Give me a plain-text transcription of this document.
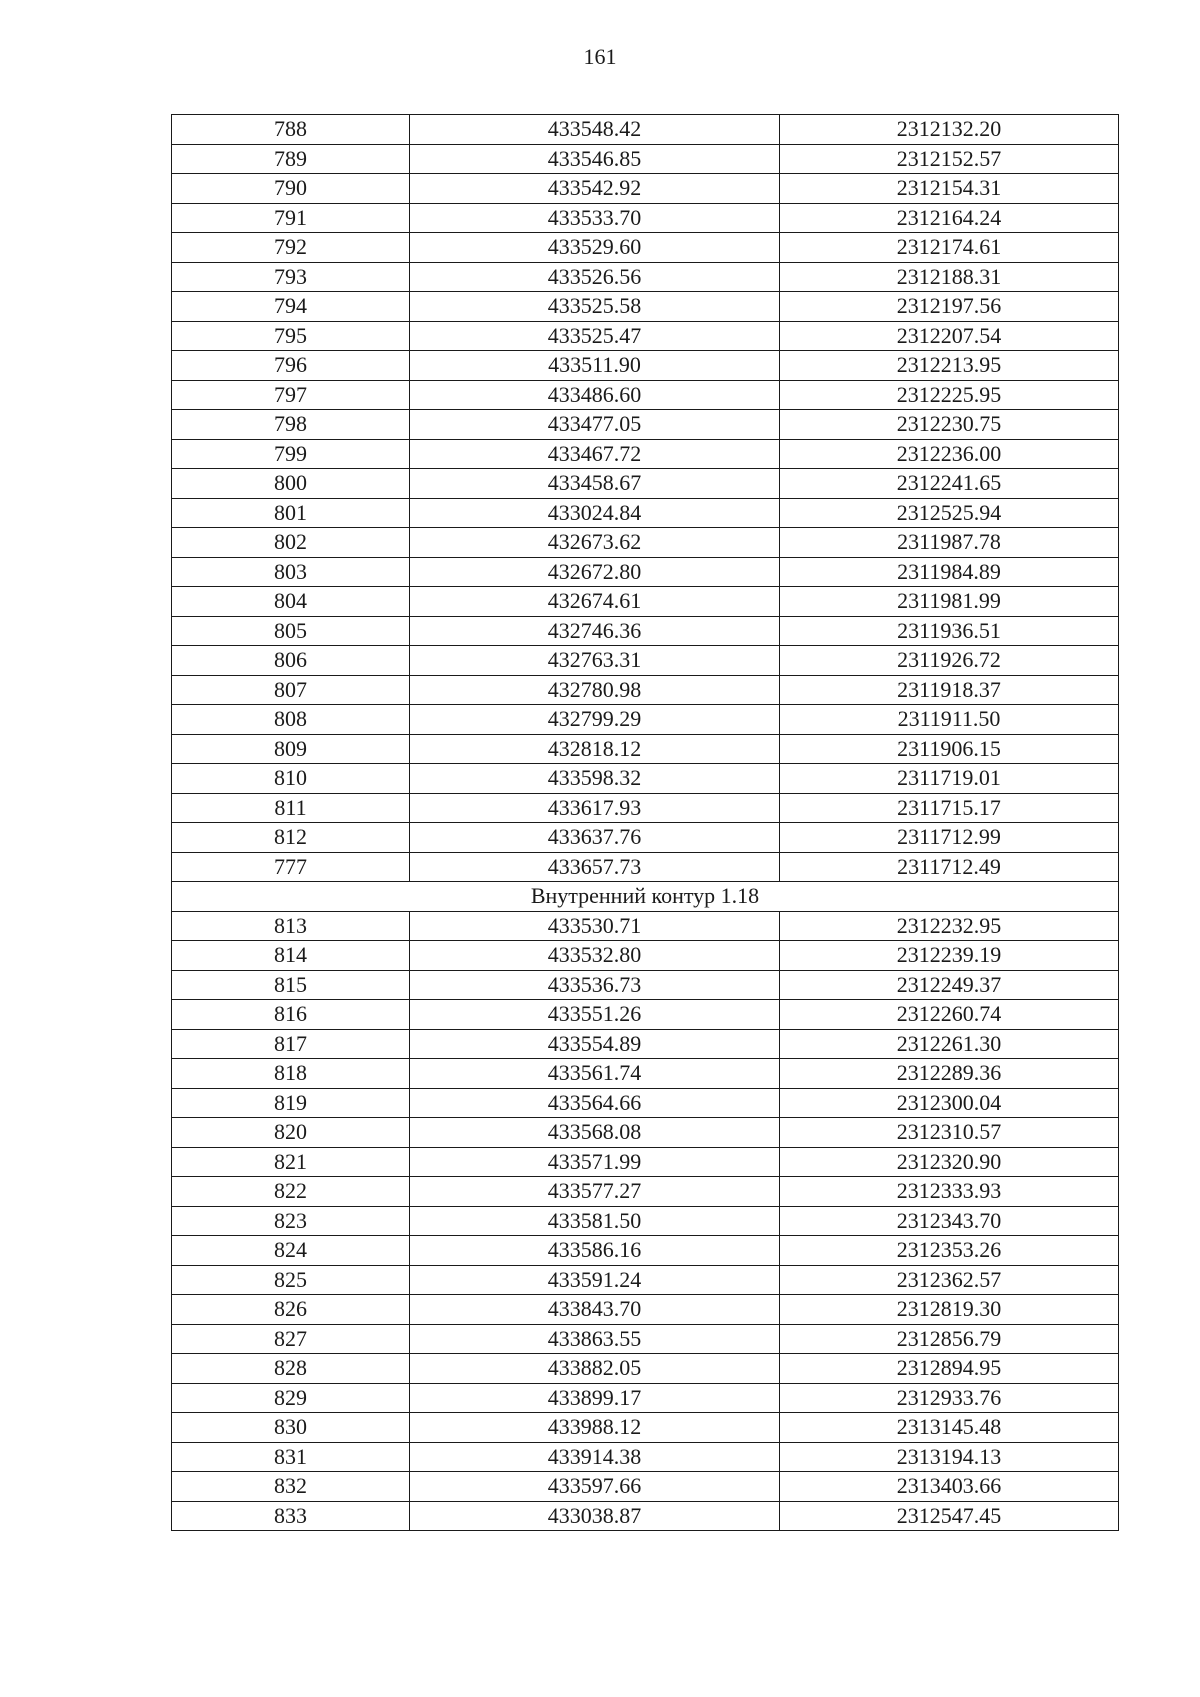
161
788	433548.42	2312132.20
789	433546.85	2312152.57
790	433542.92	2312154.31
791	433533.70	2312164.24
792	433529.60	2312174.61
793	433526.56	2312188.31
794	433525.58	2312197.56
795	433525.47	2312207.54
796	433511.90	2312213.95
797	433486.60	2312225.95
798	433477.05	2312230.75
799	433467.72	2312236.00
800	433458.67	2312241.65
801	433024.84	2312525.94
802	432673.62	2311987.78
803	432672.80	2311984.89
804	432674.61	2311981.99
805	432746.36	2311936.51
806	432763.31	2311926.72
807	432780.98	2311918.37
808	432799.29	2311911.50
809	432818.12	2311906.15
810	433598.32	2311719.01
811	433617.93	2311715.17
812	433637.76	2311712.99
777	433657.73	2311712.49
Внутренний контур 1.18		
813	433530.71	2312232.95
814	433532.80	2312239.19
815	433536.73	2312249.37
816	433551.26	2312260.74
817	433554.89	2312261.30
818	433561.74	2312289.36
819	433564.66	2312300.04
820	433568.08	2312310.57
821	433571.99	2312320.90
822	433577.27	2312333.93
823	433581.50	2312343.70
824	433586.16	2312353.26
825	433591.24	2312362.57
826	433843.70	2312819.30
827	433863.55	2312856.79
828	433882.05	2312894.95
829	433899.17	2312933.76
830	433988.12	2313145.48
831	433914.38	2313194.13
832	433597.66	2313403.66
833	433038.87	2312547.45
